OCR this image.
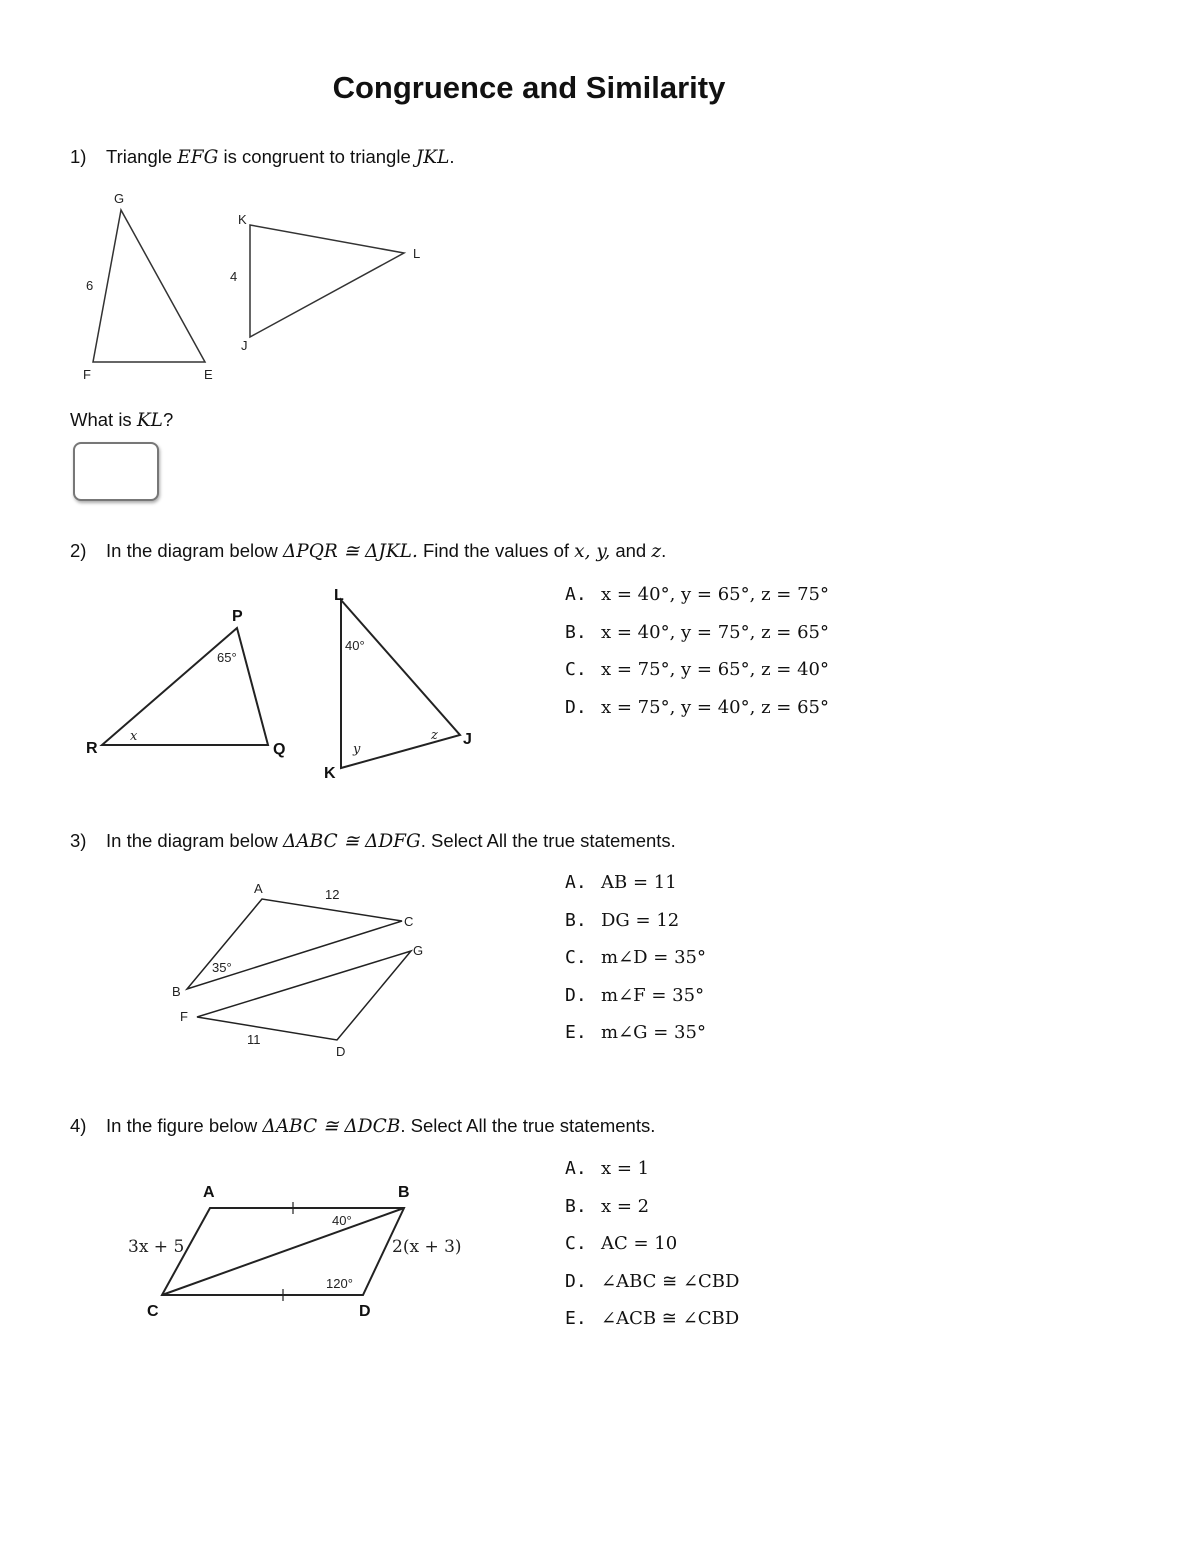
Congruence and Similarity
1) Triangle EFG is congruent to triangle JKL.
G
F	E
6
K
L
J
4
What is KL?
2) In the diagram below ΔPQR ≅ ΔJKL. Find the values of x, y, and z.
P
R	Q
65°
x
L
K
J
40°
y
z
A. x = 40°, y = 65°, z = 75°
B. x = 40°, y = 75°, z = 65°
C. x = 75°, y = 65°, z = 40°
D. x = 75°, y = 40°, z = 65°
3) In the diagram below ΔABC ≅ ΔDFG. Select All the true statements.
A	12
C
B
35°
G
F
11
D
A. AB = 11
B. DG = 12
C. m∠D = 35°
D. m∠F = 35°
E. m∠G = 35°
4) In the figure below ΔABC ≅ ΔDCB. Select All the true statements.
A	B
C	D
3x + 5	2(x + 3)
40°
120°
A. x = 1
B. x = 2
C. AC = 10
D. ∠ABC ≅ ∠CBD
E. ∠ACB ≅ ∠CBD
